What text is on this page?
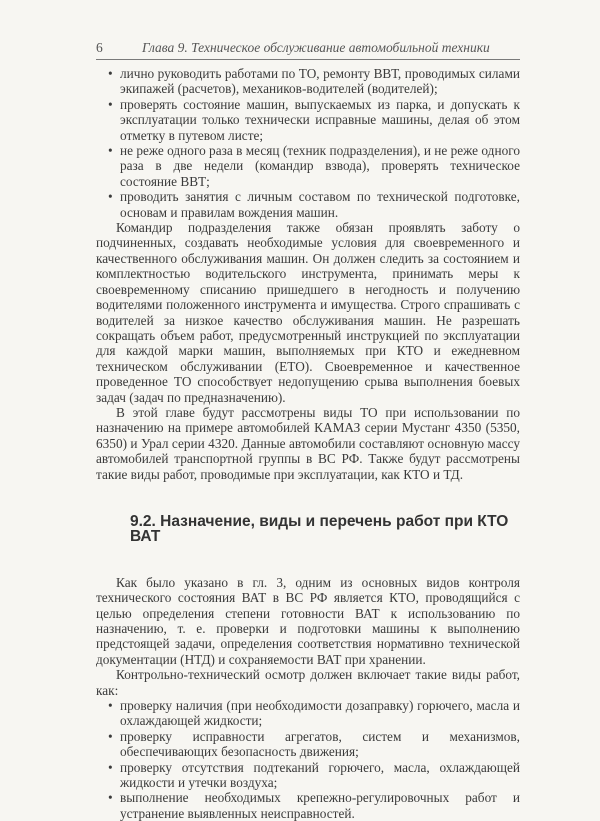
6	Глава 9. Техническое обслуживание автомобильной техники

• лично руководить работами по ТО, ремонту ВВТ, проводимых силами экипажей (расчетов), механиков-водителей (водителей);

• проверять состояние машин, выпускаемых из парка, и допускать к эксплуатации только технически исправные машины, делая об этом отметку в путевом листе;

• не реже одного раза в месяц (техник подразделения), и не реже одного раза в две недели (командир взвода), проверять техническое состояние ВВТ;

• проводить занятия с личным составом по технической подготовке, основам и правилам вождения машин.

Командир подразделения также обязан проявлять заботу о подчиненных, создавать необходимые условия для своевременного и качественного обслуживания машин. Он должен следить за состоянием и комплектностью водительского инструмента, принимать меры к своевременному списанию пришедшего в негодность и получению водителями положенного инструмента и имущества. Строго спрашивать с водителей за низкое качество обслуживания машин. Не разрешать сокращать объем работ, предусмотренный инструкцией по эксплуатации для каждой марки машин, выполняемых при КТО и ежедневном техническом обслуживании (ЕТО). Своевременное и качественное проведенное ТО способствует недопущению срыва выполнения боевых задач (задач по предназначению).

В этой главе будут рассмотрены виды ТО при использовании по назначению на примере автомобилей КАМАЗ серии Мустанг 4350 (5350, 6350) и Урал серии 4320. Данные автомобили составляют основную массу автомобилей транспортной группы в ВС РФ. Также будут рассмотрены такие виды работ, проводимые при эксплуатации, как КТО и ТД.

9.2. Назначение, виды и перечень работ при КТО ВАТ

Как было указано в гл. 3, одним из основных видов контроля технического состояния ВАТ в ВС РФ является КТО, проводящийся с целью определения степени готовности ВАТ к использованию по назначению, т. е. проверки и подготовки машины к выполнению предстоящей задачи, определения соответствия нормативно технической документации (НТД) и сохраняемости ВАТ при хранении.

Контрольно-технический осмотр должен включает такие виды работ, как:

• проверку наличия (при необходимости дозаправку) горючего, масла и охлаждающей жидкости;

• проверку исправности агрегатов, систем и механизмов, обеспечивающих безопасность движения;

• проверку отсутствия подтеканий горючего, масла, охлаждающей жидкости и утечки воздуха;

• выполнение необходимых крепежно-регулировочных работ и устранение выявленных неисправностей.
